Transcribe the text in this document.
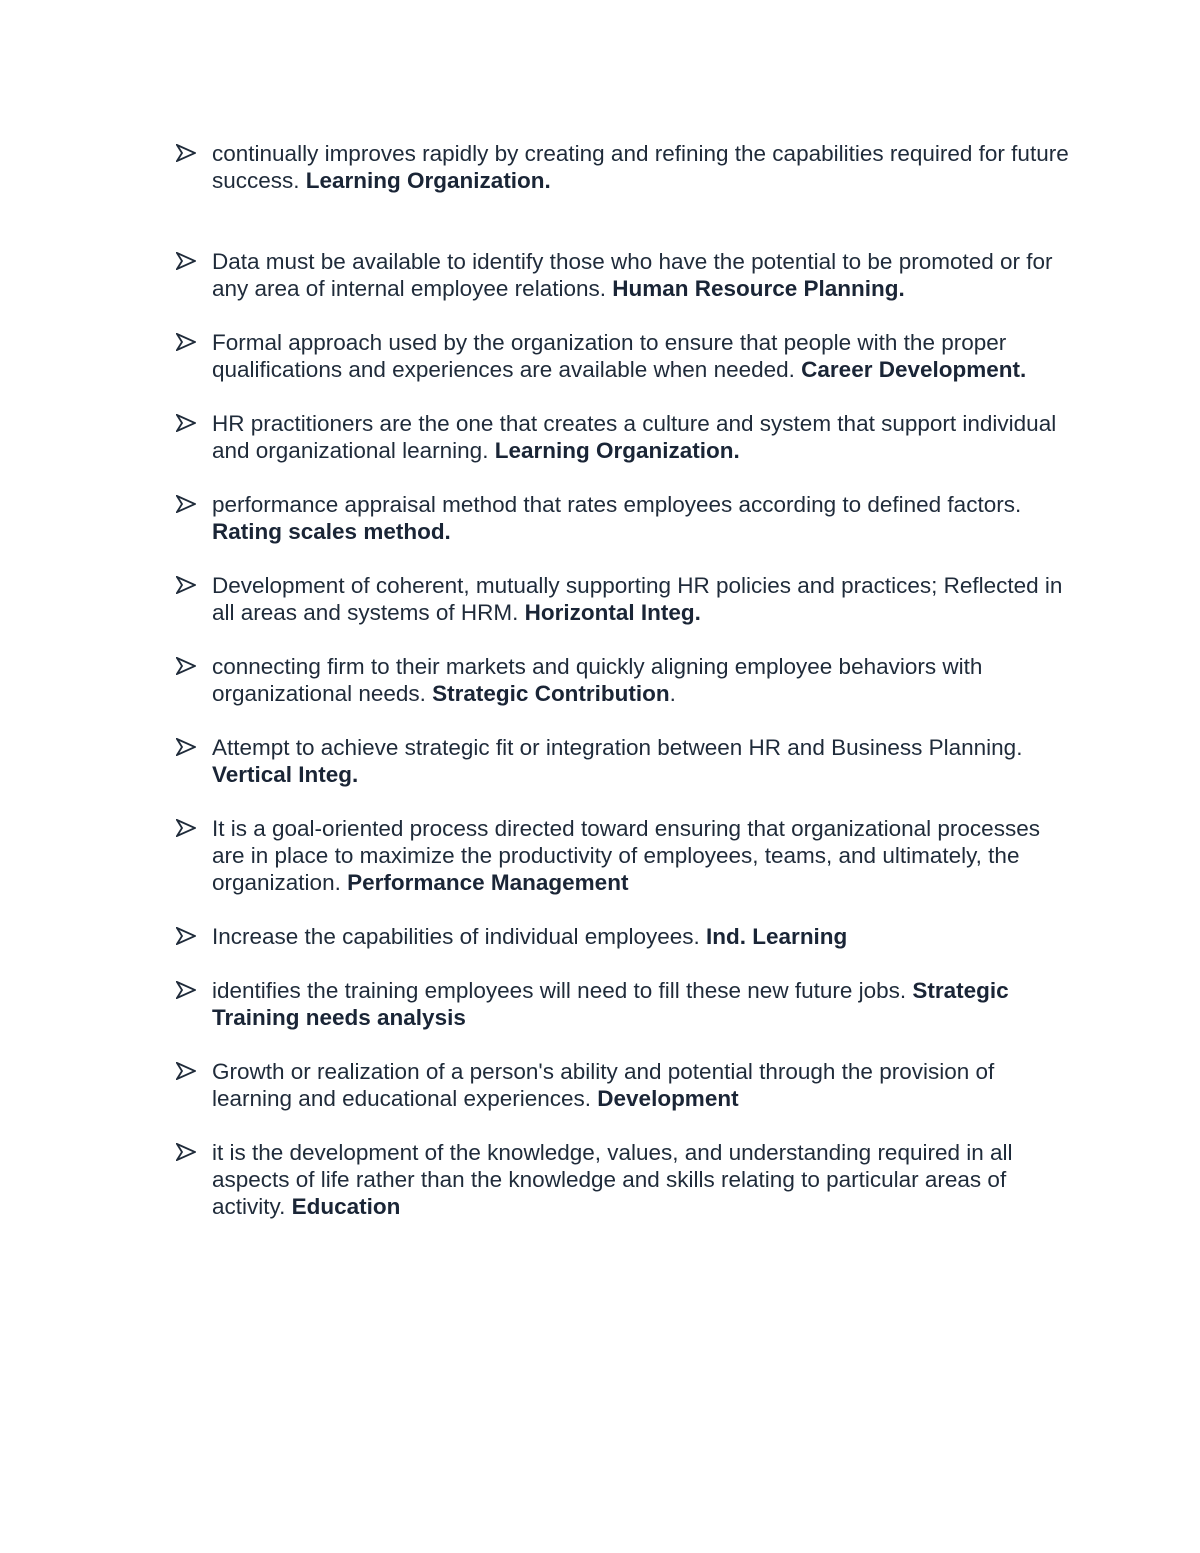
continually improves rapidly by creating and refining the capabilities required for future success. Learning Organization.
Data must be available to identify those who have the potential to be promoted or for any area of internal employee relations. Human Resource Planning.
Formal approach used by the organization to ensure that people with the proper qualifications and experiences are available when needed. Career Development.
HR practitioners are the one that creates a culture and system that support individual and organizational learning. Learning Organization.
performance appraisal method that rates employees according to defined factors. Rating scales method.
Development of coherent, mutually supporting HR policies and practices; Reflected in all areas and systems of HRM. Horizontal Integ.
connecting firm to their markets and quickly aligning employee behaviors with organizational needs. Strategic Contribution.
Attempt to achieve strategic fit or integration between HR and Business Planning. Vertical Integ.
It is a goal-oriented process directed toward ensuring that organizational processes are in place to maximize the productivity of employees, teams, and ultimately, the organization. Performance Management
Increase the capabilities of individual employees. Ind. Learning
identifies the training employees will need to fill these new future jobs. Strategic Training needs analysis
Growth or realization of a person's ability and potential through the provision of learning and educational experiences. Development
it is the development of the knowledge, values, and understanding required in all aspects of life rather than the knowledge and skills relating to particular areas of activity. Education
